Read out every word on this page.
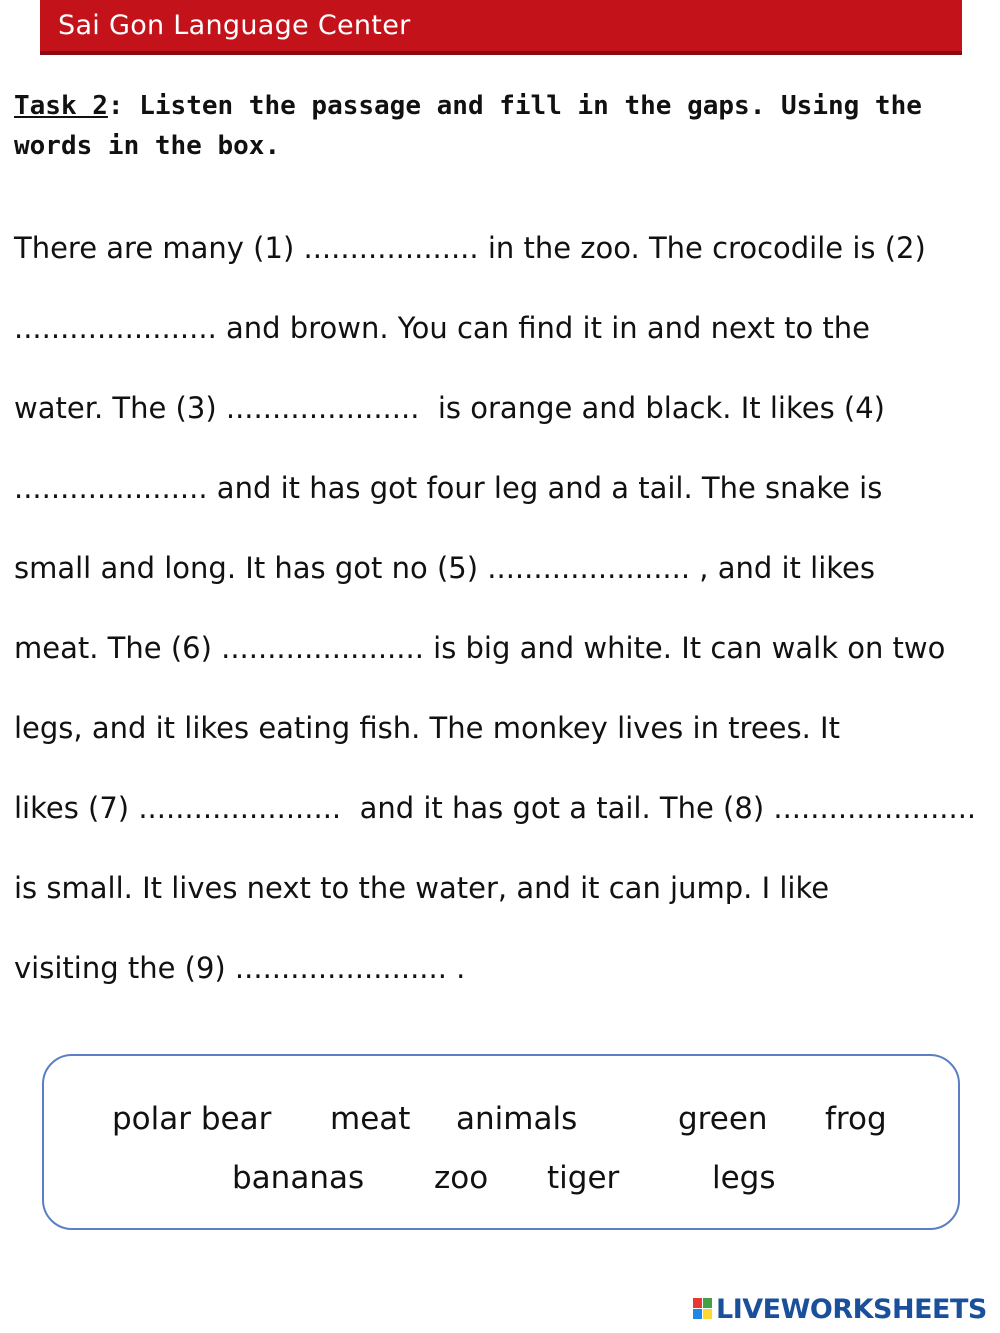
Sai Gon Language Center
Task 2: Listen the passage and fill in the gaps. Using the words in the box.
There are many (1) ................... in the zoo. The crocodile is (2)
...................... and brown. You can find it in and next to the
water. The (3) .....................  is orange and black. It likes (4)
..................... and it has got four leg and a tail. The snake is
small and long. It has got no (5) ...................... , and it likes
meat. The (6) ...................... is big and white. It can walk on two
legs, and it likes eating fish. The monkey lives in trees. It
likes (7) ......................  and it has got a tail. The (8) ......................
is small. It lives next to the water, and it can jump. I like
visiting the (9) ....................... .
polar bear meat animals	green frog
bananas zoo tiger	legs
LIVEWORKSHEETS
